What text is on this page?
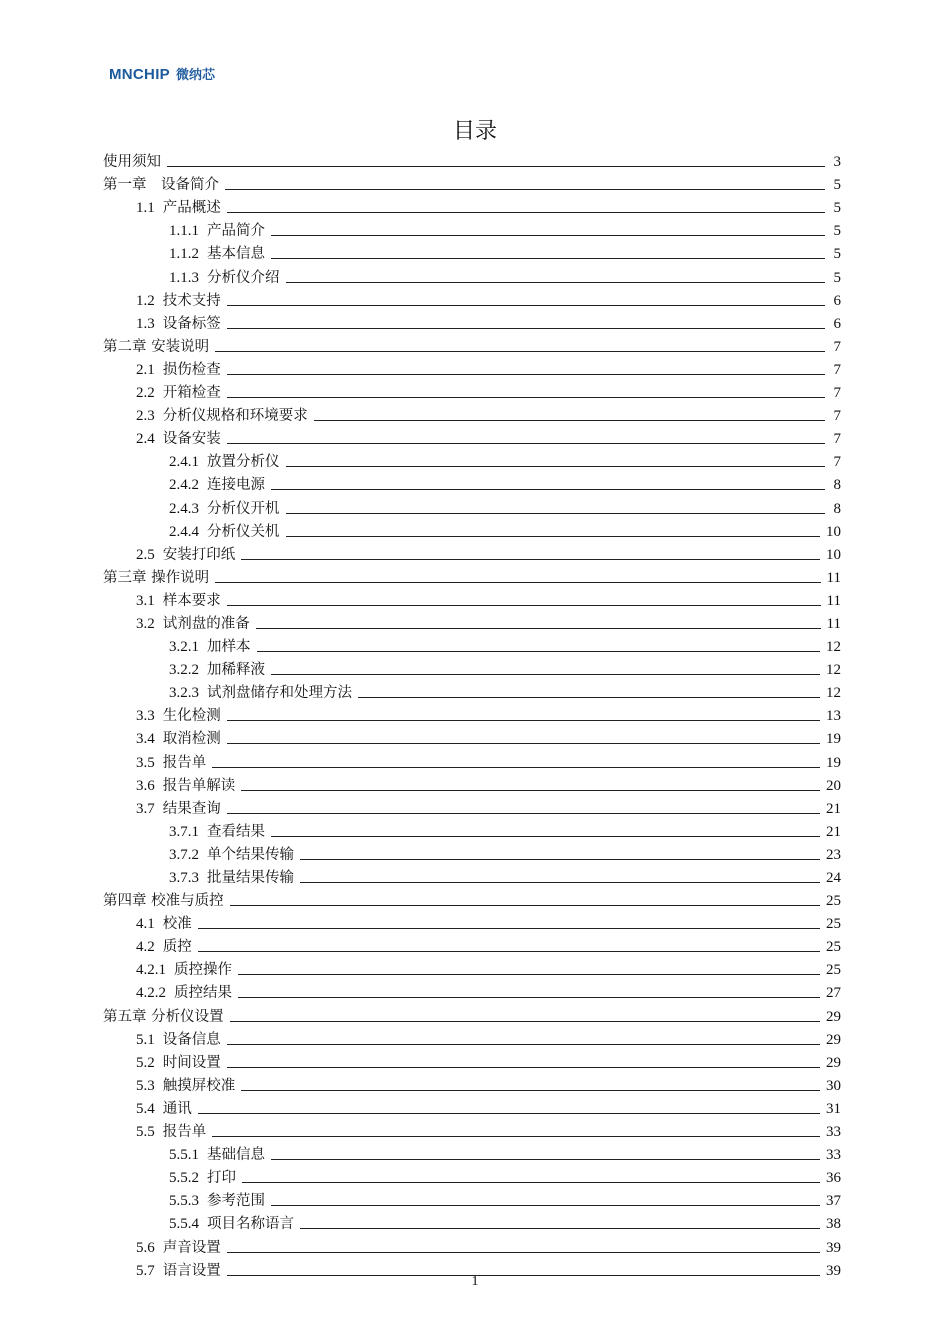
MNCHIP 微纳芯
目录
使用须知	3
第一章　设备简介	5
1.1 产品概述	5
1.1.1 产品简介	5
1.1.2 基本信息	5
1.1.3 分析仪介绍	5
1.2 技术支持	6
1.3 设备标签	6
第二章 安装说明	7
2.1 损伤检查	7
2.2 开箱检查	7
2.3 分析仪规格和环境要求	7
2.4 设备安装	7
2.4.1 放置分析仪	7
2.4.2 连接电源	8
2.4.3 分析仪开机	8
2.4.4 分析仪关机	10
2.5 安装打印纸	10
第三章 操作说明	11
3.1 样本要求	11
3.2 试剂盘的准备	11
3.2.1 加样本	12
3.2.2 加稀释液	12
3.2.3 试剂盘储存和处理方法	12
3.3 生化检测	13
3.4 取消检测	19
3.5 报告单	19
3.6 报告单解读	20
3.7 结果查询	21
3.7.1 查看结果	21
3.7.2 单个结果传输	23
3.7.3 批量结果传输	24
第四章 校准与质控	25
4.1 校准	25
4.2 质控	25
4.2.1 质控操作	25
4.2.2 质控结果	27
第五章 分析仪设置	29
5.1 设备信息	29
5.2 时间设置	29
5.3 触摸屏校准	30
5.4 通讯	31
5.5 报告单	33
5.5.1 基础信息	33
5.5.2 打印	36
5.5.3 参考范围	37
5.5.4 项目名称语言	38
5.6 声音设置	39
5.7 语言设置	39
1
